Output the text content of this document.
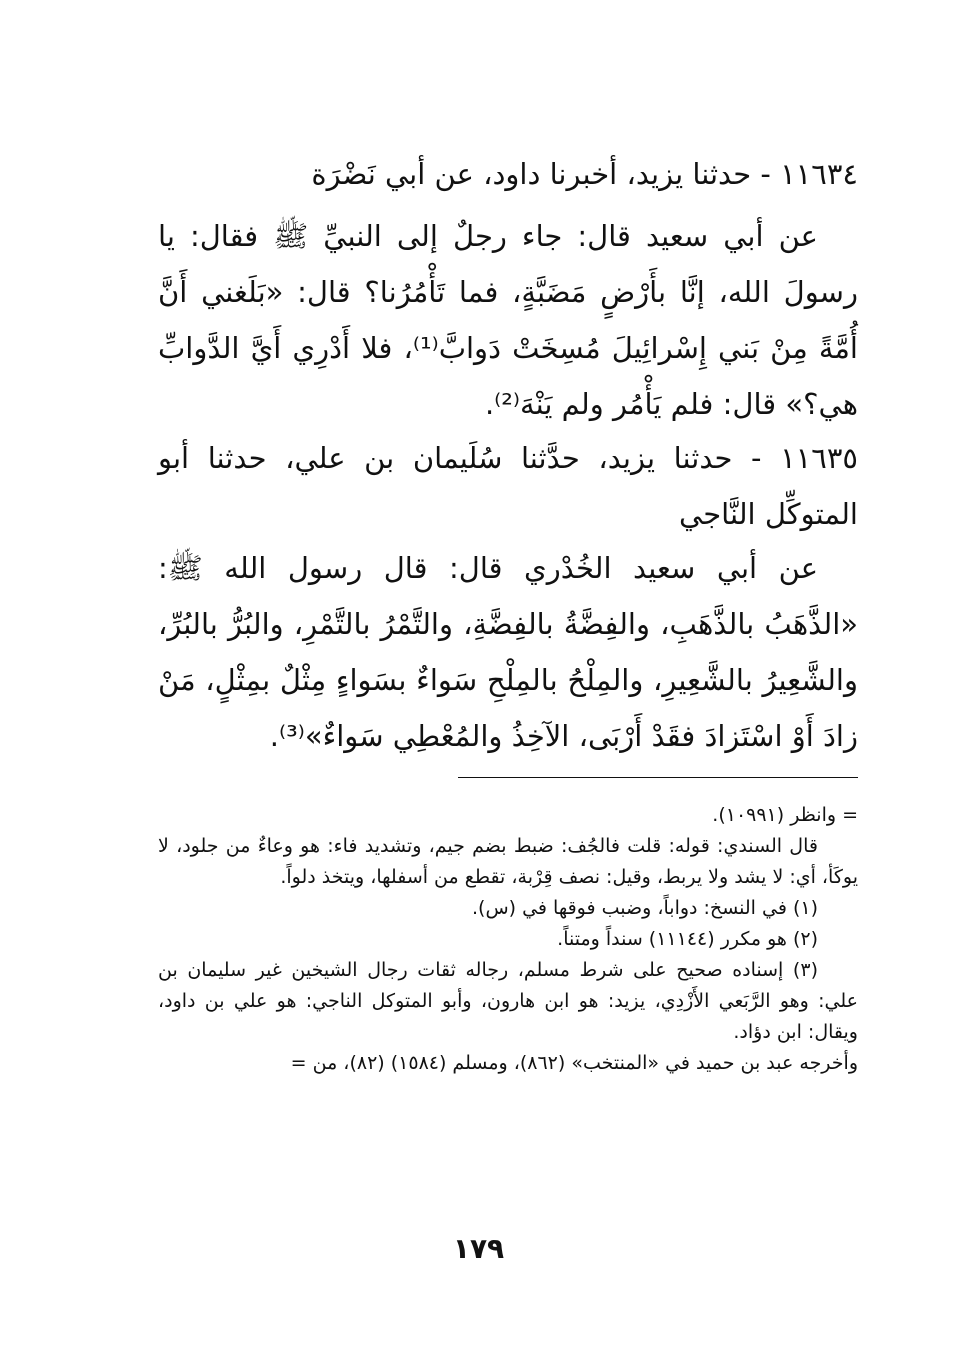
١١٦٣٤ - حدثنا يزيد، أخبرنا داود، عن أبي نَضْرَة

عن أبي سعيد قال: جاء رجلٌ إلى النبيِّ ﷺ فقال: يا رسولَ الله، إنَّا بأَرْضٍ مَضَبَّةٍ، فما تَأْمُرُنا؟ قال: «بَلَغني أَنَّ أُمَّةً مِنْ بَني إِسْرائِيلَ مُسِخَتْ دَوابَّ⁽¹⁾، فلا أَدْرِي أَيَّ الدَّوابِّ هي؟» قال: فلم يَأْمُر ولم يَنْهَ⁽²⁾.

١١٦٣٥ - حدثنا يزيد، حدَّثنا سُلَيمان بن علي، حدثنا أبو المتوكِّل النَّاجي

عن أبي سعيد الخُدْري قال: قال رسول الله ﷺ: «الذَّهَبُ بالذَّهَبِ، والفِضَّةُ بالفِضَّةِ، والتَّمْرُ بالتَّمْرِ، والبُرُّ بالبُرِّ، والشَّعِيرُ بالشَّعِيرِ، والمِلْحُ بالمِلْحِ سَواءٌ بسَواءٍ مِثْلٌ بمِثْلٍ، مَنْ زادَ أَوْ اسْتَزادَ فقَدْ أَرْبَى، الآخِذُ والمُعْطِي سَواءٌ»⁽³⁾.

= وانظر (١٠٩٩١).

قال السندي: قوله: قلت فالجُف: ضبط بضم جيم، وتشديد فاء: هو وعاءٌ من جلود، لا يوكَأ، أي: لا يشد ولا يربط، وقيل: نصف قِرْبة، تقطع من أسفلها، ويتخذ دلواً.

(١) في النسخ: دواباً، وضبب فوقها في (س).

(٢) هو مكرر (١١١٤٤) سنداً ومتناً.

(٣) إسناده صحيح على شرط مسلم، رجاله ثقات رجال الشيخين غير سليمان بن علي: وهو الرَّبَعي الأَزْدِي، يزيد: هو ابن هارون، وأبو المتوكل الناجي: هو علي بن داود، ويقال: ابن دؤاد.

وأخرجه عبد بن حميد في «المنتخب» (٨٦٢)، ومسلم (١٥٨٤) (٨٢)، من =

١٧٩
